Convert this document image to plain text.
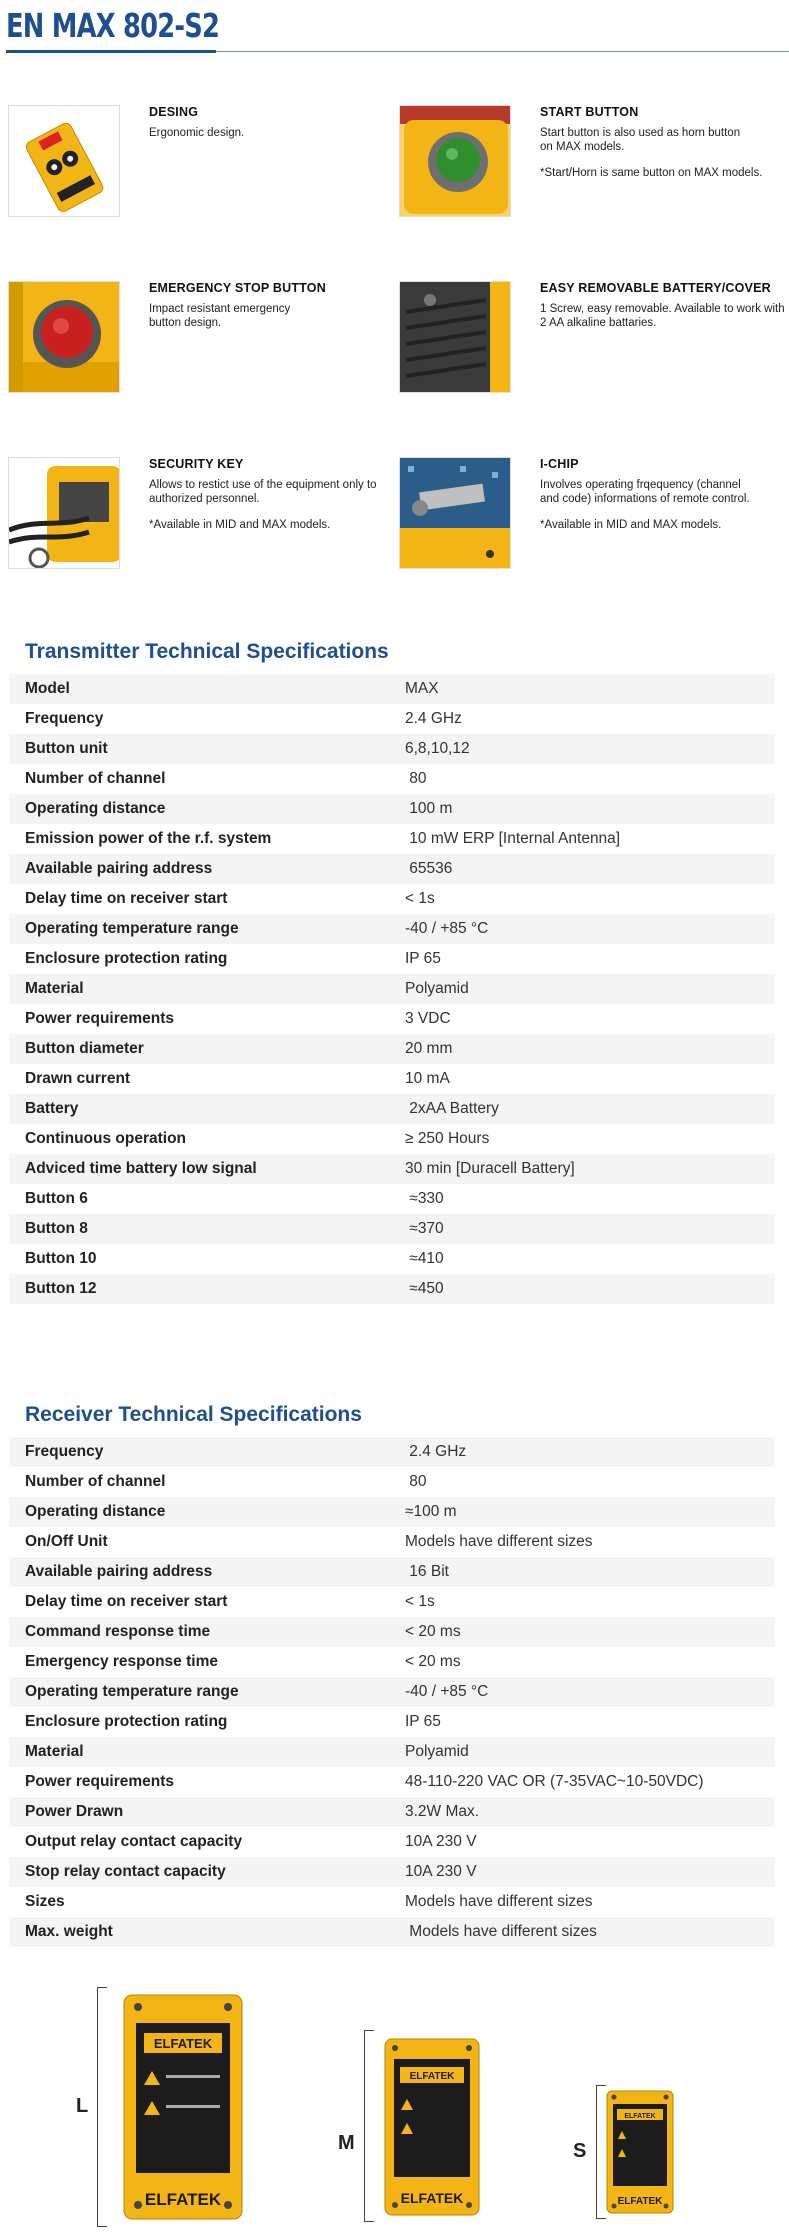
EN MAX 802-S2
DESING

Ergonomic design.

START BUTTON

Start button is also used as horn button on MAX models.

*Start/Horn is same button on MAX models.

EMERGENCY STOP BUTTON

Impact resistant emergency button design.

EASY REMOVABLE BATTERY/COVER

1 Screw, easy removable. Available to work with 2 AA alkaline battaries.

SECURITY KEY

Allows to restict use of the equipment only to authorized personnel.

*Available in MID and MAX models.

I-CHIP

Involves operating frqequency (channel and code) informations of remote control.

*Available in MID and MAX models.

Transmitter Technical Specifications
Model	MAX
Frequency	2.4 GHz
Button unit	6,8,10,12
Number of channel	80
Operating distance	100 m
Emission power of the r.f. system	10 mW ERP [Internal Antenna]
Available pairing address	65536
Delay time on receiver start	< 1s
Operating temperature range	-40 / +85 °C
Enclosure protection rating	IP 65
Material	Polyamid
Power requirements	3 VDC
Button diameter	20 mm
Drawn current	10 mA
Battery	2xAA Battery
Continuous operation	≥ 250 Hours
Adviced time battery low signal	30 min [Duracell Battery]
Button 6	≈330
Button 8	≈370
Button 10	≈410
Button 12	≈450
Receiver Technical Specifications
Frequency	2.4 GHz
Number of channel	80
Operating distance	≈100 m
On/Off Unit	Models have different sizes
Available pairing address	16 Bit
Delay time on receiver start	< 1s
Command response time	< 20 ms
Emergency response time	< 20 ms
Operating temperature range	-40 / +85 °C
Enclosure protection rating	IP 65
Material	Polyamid
Power requirements	48-110-220 VAC OR (7-35VAC~10-50VDC)
Power Drawn	3.2W Max.
Output relay contact capacity	10A 230 V
Stop relay contact capacity	10A 230 V
Sizes	Models have different sizes
Max. weight	Models have different sizes
L
ELFATEK
ELFATEK
M
ELFATEK
ELFATEK
S
ELFATEK
ELFATEK
